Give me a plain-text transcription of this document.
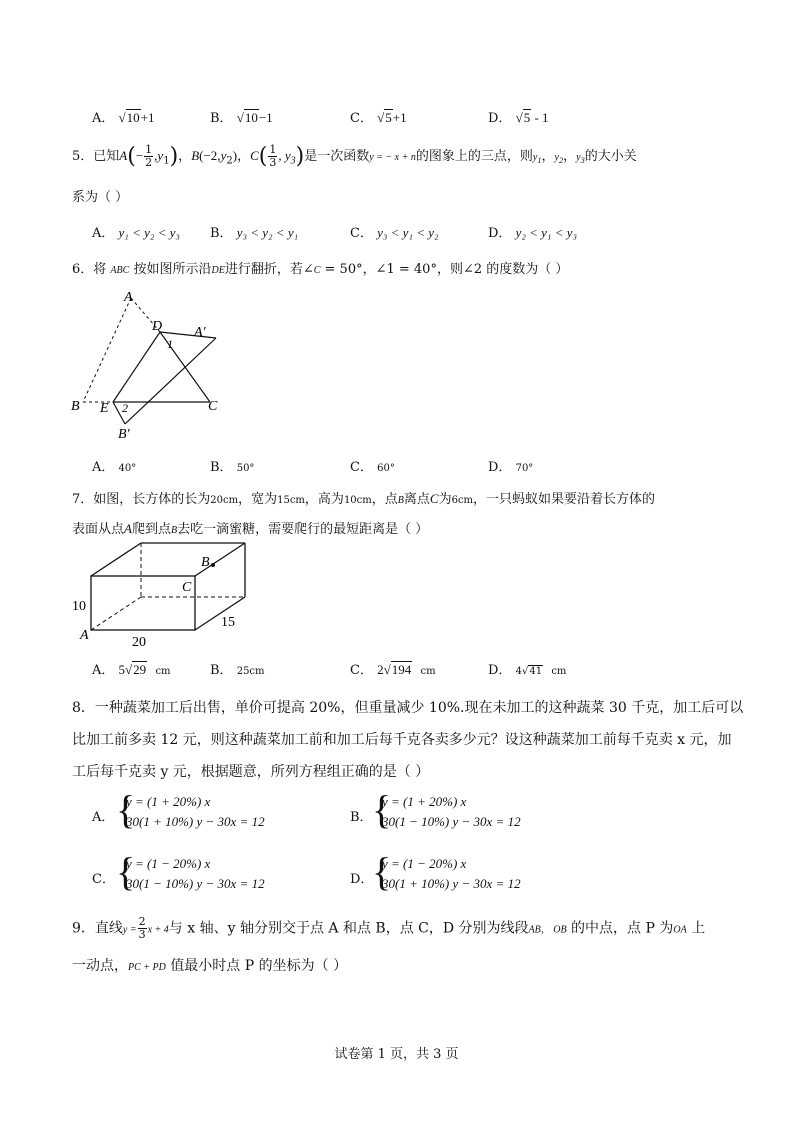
A． √10+1	B． √10−1	C． √5+1	D． √5 - 1
5．已知$A(- \frac{1}{2} ,y_1)$，$B(-2,y_2)$，$C( \frac{1}{3}$ , $y_3$)是一次函数y = − x + n的图象上的三点，则$y_1$，$y_2$，$y_3$的大小关
系为（ ）
A． y₁ < y₂ < y₃ B． y₃ < y₂ < y₁	C． y₃ < y₁ < y₂	D． y₂ < y₁ < y₃
6．将 ABC 按如图所示沿DE进行翻折，若∠C = 50°，∠1 = 40°，则∠2 的度数为（ ）
A
D A′
1
B E 2	C
B′
A． 40°	B． 50°	C． 60°	D． 70°
7．如图，长方体的长为20cm，宽为15cm，高为10cm，点B离点C为6cm，一只蚂蚁如果要沿着长方体的
表面从点A爬到点B去吃一滴蜜糖，需要爬行的最短距离是（ ）
B
C
A
10
20
15
A． 5√29 cm	B． 25cm	C． 2√194 cm	D． 4√41 cm
8．一种蔬菜加工后出售，单价可提高 20%，但重量减少 10%.现在未加工的这种蔬菜 30 千克，加工后可以
比加工前多卖 12 元，则这种蔬菜加工前和加工后每千克各卖多少元？设这种蔬菜加工前每千克卖 x 元，加
工后每千克卖 y 元，根据题意，所列方程组正确的是（ ）
A． {
y = (1 + 20%) x
30(1 + 10%) y − 30x = 12	B． {
y = (1 + 20%) x
30(1 − 10%) y − 30x = 12
C． {
y = (1 − 20%) x
30(1 − 10%) y − 30x = 12	D．
{
y = (1 − 20%) x
30(1 + 10%) y − 30x = 12
9．直线$y = \frac{2}{3}$ x + 4与 x 轴、y 轴分别交于点 A 和点 B，点 C，D 分别为线段AB， OB 的中点，点 P 为OA 上
一动点，PC + PD 值最小时点 P 的坐标为（ ）
试卷第 1 页，共 3 页
